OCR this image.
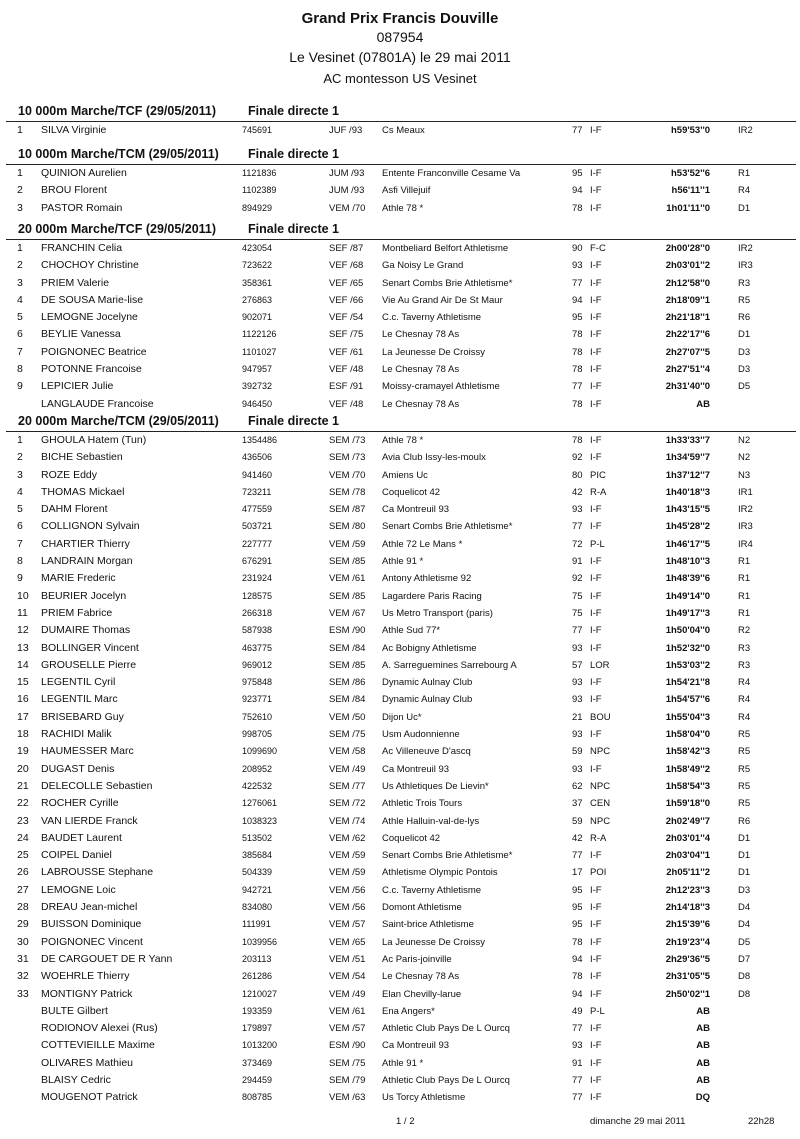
Grand Prix Francis Douville
087954
Le Vesinet (07801A) le 29 mai 2011
AC montesson US Vesinet
10 000m Marche/TCF (29/05/2011)	Finale directe 1
1 SILVA Virginie	745691	JUF /93 Cs Meaux	77 I-F	h59'53''0	IR2
10 000m Marche/TCM (29/05/2011) Finale directe 1
1 QUINION Aurelien	1121836	JUM /93 Entente Franconville Cesame Va	95 I-F	h53'52''6	R1
2 BROU Florent	1102389	JUM /93 Asfi Villejuif	94 I-F	h56'11''1	R4
3 PASTOR Romain	894929	VEM /70 Athle 78 *	78 I-F	1h01'11''0	D1
20 000m Marche/TCF (29/05/2011)	Finale directe 1
1 FRANCHIN Celia	423054	SEF /87 Montbeliard Belfort Athletisme	90 F-C	2h00'28''0	IR2
2 CHOCHOY Christine	723622	VEF /68 Ga Noisy Le Grand	93 I-F	2h03'01''2	IR3
3 PRIEM Valerie	358361	VEF /65 Senart Combs Brie Athletisme*	77 I-F	2h12'58''0	R3
4 DE SOUSA Marie-lise	276863	VEF /66 Vie Au Grand Air De St Maur	94 I-F	2h18'09''1	R5
5 LEMOGNE Jocelyne	902071	VEF /54 C.c. Taverny Athletisme	95 I-F	2h21'18''1	R6
6 BEYLIE Vanessa	1122126	SEF /75 Le Chesnay 78 As	78 I-F	2h22'17''6	D1
7 POIGNONEC Beatrice	1101027	VEF /61 La Jeunesse De Croissy	78 I-F	2h27'07''5	D3
8 POTONNE Francoise	947957	VEF /48 Le Chesnay 78 As	78 I-F	2h27'51''4	D3
9 LEPICIER Julie	392732	ESF /91 Moissy-cramayel Athletisme	77 I-F	2h31'40''0	D5
LANGLAUDE Francoise	946450	VEF /48 Le Chesnay 78 As	78 I-F	AB
20 000m Marche/TCM (29/05/2011) Finale directe 1
1 GHOULA Hatem (Tun)	1354486	SEM /73 Athle 78 *	78 I-F	1h33'33''7	N2
2 BICHE Sebastien	436506	SEM /73 Avia Club Issy-les-moulx	92 I-F	1h34'59''7	N2
3 ROZE Eddy	941460	VEM /70 Amiens Uc	80 PIC	1h37'12''7	N3
4 THOMAS Mickael	723211	SEM /78 Coquelicot 42	42 R-A	1h40'18''3	IR1
5 DAHM Florent	477559	SEM /87 Ca Montreuil 93	93 I-F	1h43'15''5	IR2
6 COLLIGNON Sylvain	503721	SEM /80 Senart Combs Brie Athletisme*	77 I-F	1h45'28''2	IR3
7 CHARTIER Thierry	227777	VEM /59 Athle 72 Le Mans *	72 P-L	1h46'17''5	IR4
8 LANDRAIN Morgan	676291	SEM /85 Athle 91 *	91 I-F	1h48'10''3	R1
9 MARIE Frederic	231924	VEM /61 Antony Athletisme 92	92 I-F	1h48'39''6	R1
10 BEURIER Jocelyn	128575	SEM /85 Lagardere Paris Racing	75 I-F	1h49'14''0	R1
11 PRIEM Fabrice	266318	VEM /67 Us Metro Transport (paris)	75 I-F	1h49'17''3	R1
12 DUMAIRE Thomas	587938	ESM /90 Athle Sud 77*	77 I-F	1h50'04''0	R2
13 BOLLINGER Vincent	463775	SEM /84 Ac Bobigny Athletisme	93 I-F	1h52'32''0	R3
14 GROUSELLE Pierre	969012	SEM /85 A. Sarreguemines Sarrebourg A	57 LOR	1h53'03''2	R3
15 LEGENTIL Cyril	975848	SEM /86 Dynamic Aulnay Club	93 I-F	1h54'21''8	R4
16 LEGENTIL Marc	923771	SEM /84 Dynamic Aulnay Club	93 I-F	1h54'57''6	R4
17 BRISEBARD Guy	752610	VEM /50 Dijon Uc*	21 BOU	1h55'04''3	R4
18 RACHIDI Malik	998705	SEM /75 Usm Audonnienne	93 I-F	1h58'04''0	R5
19 HAUMESSER Marc	1099690	VEM /58 Ac Villeneuve D'ascq	59 NPC	1h58'42''3	R5
20 DUGAST Denis	208952	VEM /49 Ca Montreuil 93	93 I-F	1h58'49''2	R5
21 DELECOLLE Sebastien	422532	SEM /77 Us Athletiques De Lievin*	62 NPC	1h58'54''3	R5
22 ROCHER Cyrille	1276061	SEM /72 Athletic Trois Tours	37 CEN	1h59'18''0	R5
23 VAN LIERDE Franck	1038323	VEM /74 Athle Halluin-val-de-lys	59 NPC	2h02'49''7	R6
24 BAUDET Laurent	513502	VEM /62 Coquelicot 42	42 R-A	2h03'01''4	D1
25 COIPEL Daniel	385684	VEM /59 Senart Combs Brie Athletisme*	77 I-F	2h03'04''1	D1
26 LABROUSSE Stephane	504339	VEM /59 Athletisme Olympic Pontois	17 POI	2h05'11''2	D1
27 LEMOGNE Loic	942721	VEM /56 C.c. Taverny Athletisme	95 I-F	2h12'23''3	D3
28 DREAU Jean-michel	834080	VEM /56 Domont Athletisme	95 I-F	2h14'18''3	D4
29 BUISSON Dominique	111991	VEM /57 Saint-brice Athletisme	95 I-F	2h15'39''6	D4
30 POIGNONEC Vincent	1039956	VEM /65 La Jeunesse De Croissy	78 I-F	2h19'23''4	D5
31 DE CARGOUET DE R Yann	203113	VEM /51 Ac Paris-joinville	94 I-F	2h29'36''5	D7
32 WOEHRLE Thierry	261286	VEM /54 Le Chesnay 78 As	78 I-F	2h31'05''5	D8
33 MONTIGNY Patrick	1210027	VEM /49 Elan Chevilly-larue	94 I-F	2h50'02''1	D8
BULTE Gilbert	193359	VEM /61 Ena Angers*	49 P-L	AB
RODIONOV Alexei (Rus)	179897	VEM /57 Athletic Club Pays De L Ourcq	77 I-F	AB
COTTEVIEILLE Maxime	1013200	ESM /90 Ca Montreuil 93	93 I-F	AB
OLIVARES Mathieu	373469	SEM /75 Athle 91 *	91 I-F	AB
BLAISY Cedric	294459	SEM /79 Athletic Club Pays De L Ourcq	77 I-F	AB
MOUGENOT Patrick	808785	VEM /63 Us Torcy Athletisme	77 I-F	DQ
1 / 2	dimanche 29 mai 2011	22h28
